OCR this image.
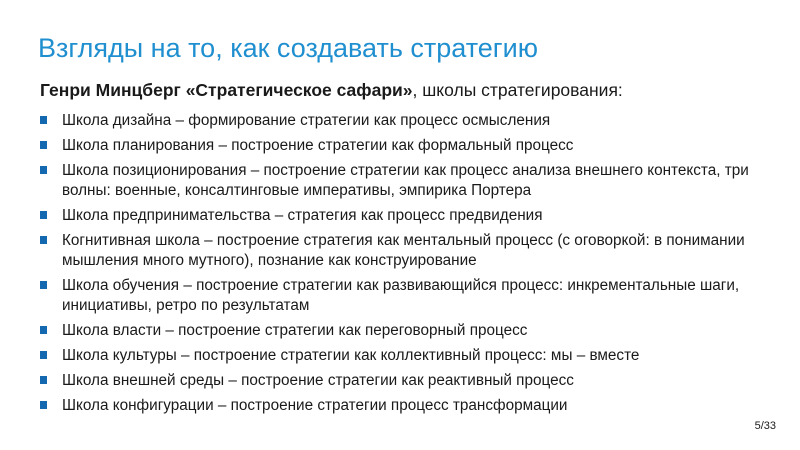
Взгляды на то, как создавать стратегию
Генри Минцберг «Стратегическое сафари», школы стратегирования:
Школа дизайна – формирование стратегии как процесс осмысления
Школа планирования – построение стратегии как формальный процесс
Школа позиционирования – построение стратегии как процесс анализа внешнего контекста, три волны: военные, консалтинговые императивы, эмпирика Портера
Школа предпринимательства – стратегия как процесс предвидения
Когнитивная школа – построение стратегия как ментальный процесс (с оговоркой: в понимании мышления много мутного), познание как конструирование
Школа обучения – построение стратегии как развивающийся процесс: инкрементальные шаги, инициативы, ретро по результатам
Школа власти – построение стратегии как переговорный процесс
Школа культуры – построение стратегии как коллективный процесс: мы – вместе
Школа внешней среды – построение стратегии как реактивный процесс
Школа конфигурации – построение стратегии процесс трансформации
5/33
